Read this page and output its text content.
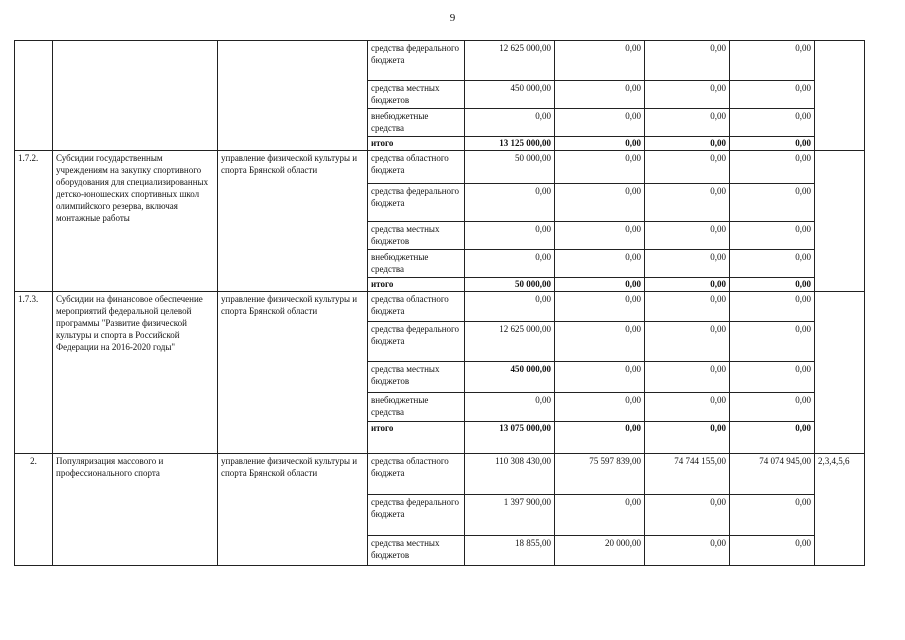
9
			средства федерального бюджета	12 625 000,00	0,00	0,00	0,00	
			средства местных бюджетов	450 000,00	0,00	0,00	0,00	
			внебюджетные средства	0,00	0,00	0,00	0,00	
			итого	13 125 000,00	0,00	0,00	0,00	
1.7.2.	Субсидии государственным учреждениям на закупку спортивного оборудования для специализированных детско-юношеских спортивных школ олимпийского резерва, включая монтажные работы	управление физической культуры и спорта Брянской области	средства областного бюджета	50 000,00	0,00	0,00	0,00	
			средства федерального бюджета	0,00	0,00	0,00	0,00	
			средства местных бюджетов	0,00	0,00	0,00	0,00	
			внебюджетные средства	0,00	0,00	0,00	0,00	
			итого	50 000,00	0,00	0,00	0,00	
1.7.3.	Субсидии на финансовое обеспечение мероприятий федеральной целевой программы "Развитие физической культуры и спорта в Российской Федерации на 2016-2020 годы"	управление физической культуры и спорта Брянской области	средства областного бюджета	0,00	0,00	0,00	0,00	
			средства федерального бюджета	12 625 000,00	0,00	0,00	0,00	
			средства местных бюджетов	450 000,00	0,00	0,00	0,00	
			внебюджетные средства	0,00	0,00	0,00	0,00	
			итого	13 075 000,00	0,00	0,00	0,00	
2.	Популяризация массового и профессионального спорта	управление физической культуры и спорта Брянской области	средства областного бюджета	110 308 430,00	75 597 839,00	74 744 155,00	74 074 945,00	2,3,4,5,6
			средства федерального бюджета	1 397 900,00	0,00	0,00	0,00	
			средства местных бюджетов	18 855,00	20 000,00	0,00	0,00	
